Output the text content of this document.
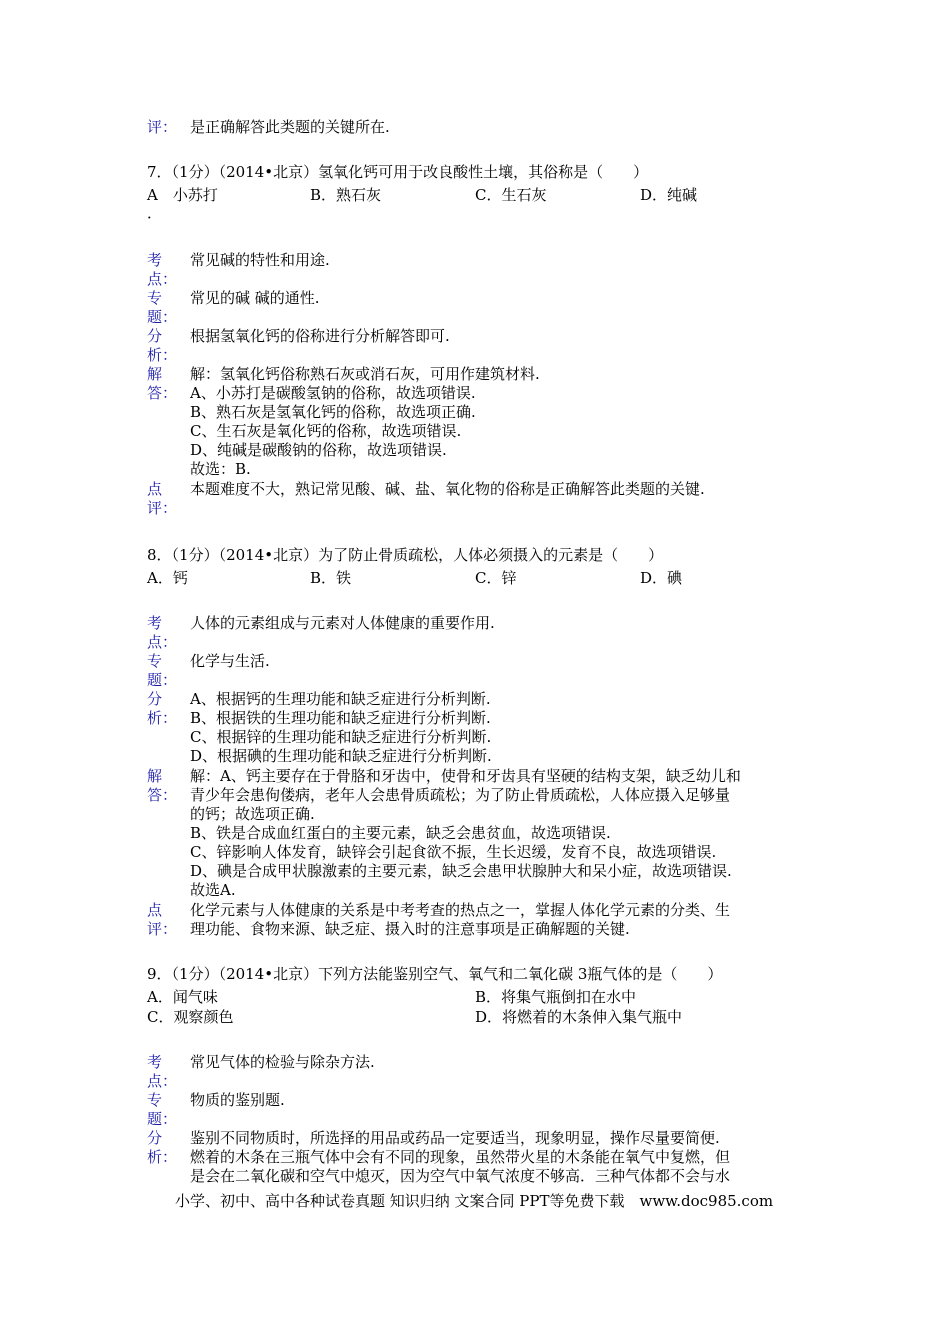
评： 是正确解答此类题的关键所在.
7．（1分）（2014•北京）氢氧化钙可用于改良酸性土壤，其俗称是（　　）
A　小苏打
．
B．熟石灰	C．生石灰	D．纯碱
考点：
常见碱的特性和用途.
专题：
常见的碱 碱的通性.
分析：
根据氢氧化钙的俗称进行分析解答即可.
解答：
解：氢氧化钙俗称熟石灰或消石灰，可用作建筑材料.
A、小苏打是碳酸氢钠的俗称，故选项错误.
B、熟石灰是氢氧化钙的俗称，故选项正确.
C、生石灰是氧化钙的俗称，故选项错误.
D、纯碱是碳酸钠的俗称，故选项错误.
故选：B.
点评：
本题难度不大，熟记常见酸、碱、盐、氧化物的俗称是正确解答此类题的关键.
8．（1分）（2014•北京）为了防止骨质疏松，人体必须摄入的元素是（　　）
A．钙	B．铁	C．锌	D．碘
考点：
人体的元素组成与元素对人体健康的重要作用.
专题：
化学与生活.
分析：
A、根据钙的生理功能和缺乏症进行分析判断.
B、根据铁的生理功能和缺乏症进行分析判断.
C、根据锌的生理功能和缺乏症进行分析判断.
D、根据碘的生理功能和缺乏症进行分析判断.
解答：
解：A、钙主要存在于骨胳和牙齿中，使骨和牙齿具有坚硬的结构支架，缺乏幼儿和
青少年会患佝偻病，老年人会患骨质疏松；为了防止骨质疏松，人体应摄入足够量
的钙；故选项正确.
B、铁是合成血红蛋白的主要元素，缺乏会患贫血，故选项错误.
C、锌影响人体发育，缺锌会引起食欲不振，生长迟缓，发育不良，故选项错误.
D、碘是合成甲状腺激素的主要元素，缺乏会患甲状腺肿大和呆小症，故选项错误.
故选A.
点评：
化学元素与人体健康的关系是中考考查的热点之一，掌握人体化学元素的分类、生
理功能、食物来源、缺乏症、摄入时的注意事项是正确解题的关键.
9．（1分）（2014•北京）下列方法能鉴别空气、氧气和二氧化碳 3瓶气体的是（　　）
A．闻气味	B．将集气瓶倒扣在水中
C．观察颜色	D．将燃着的木条伸入集气瓶中
考点：
常见气体的检验与除杂方法.
专题：
物质的鉴别题.
分析：
鉴别不同物质时，所选择的用品或药品一定要适当，现象明显，操作尽量要简便.
燃着的木条在三瓶气体中会有不同的现象，虽然带火星的木条能在氧气中复燃，但
是会在二氧化碳和空气中熄灭，因为空气中氧气浓度不够高．三种气体都不会与水
小学、初中、高中各种试卷真题 知识归纳 文案合同 PPT等免费下载　www.doc985.com
